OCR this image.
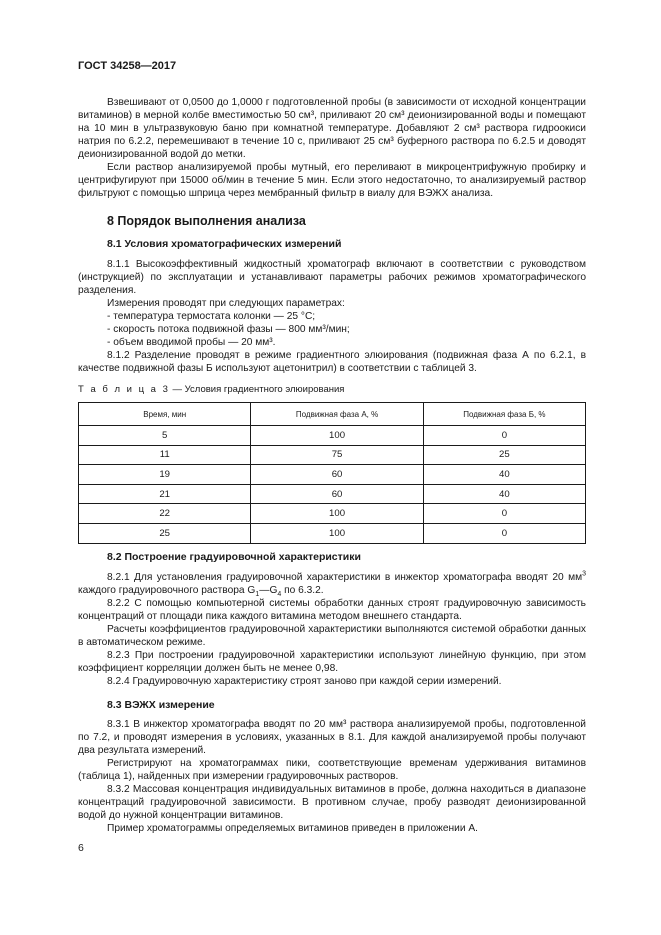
ГОСТ 34258—2017

Взвешивают от 0,0500 до 1,0000 г подготовленной пробы (в зависимости от исходной концентрации витаминов) в мерной колбе вместимостью 50 см³, приливают 20 см³ деионизированной воды и помещают на 10 мин в ультразвуковую баню при комнатной температуре. Добавляют 2 см³ раствора гидроокиси натрия по 6.2.2, перемешивают в течение 10 с, приливают 25 см³ буферного раствора по 6.2.5 и доводят деионизированной водой до метки.

Если раствор анализируемой пробы мутный, его переливают в микроцентрифужную пробирку и центрифугируют при 15000 об/мин в течение 5 мин. Если этого недостаточно, то анализируемый раствор фильтруют с помощью шприца через мембранный фильтр в виалу для ВЭЖХ анализа.

8 Порядок выполнения анализа
8.1 Условия хроматографических измерений

8.1.1 Высокоэффективный жидкостный хроматограф включают в соответствии с руководством (инструкцией) по эксплуатации и устанавливают параметры рабочих режимов хроматографического разделения.

Измерения проводят при следующих параметрах:

- температура термостата колонки — 25 °С;

- скорость потока подвижной фазы — 800 мм³/мин;

- объем вводимой пробы — 20 мм³.

8.1.2 Разделение проводят в режиме градиентного элюирования (подвижная фаза А по 6.2.1, в качестве подвижной фазы Б используют ацетонитрил) в соответствии с таблицей 3.

Т а б л и ц а 3 — Условия градиентного элюирования
Время, мин	Подвижная фаза А, %	Подвижная фаза Б, %
5	100	0
11	75	25
19	60	40
21	60	40
22	100	0
25	100	0
8.2 Построение градуировочной характеристики

8.2.1 Для установления градуировочной характеристики в инжектор хроматографа вводят 20 $мм^3$ каждого градуировочного раствора $G_1—G_4$ по 6.3.2.

8.2.2 С помощью компьютерной системы обработки данных строят градуировочную зависимость концентраций от площади пика каждого витамина методом внешнего стандарта.

Расчеты коэффициентов градуировочной характеристики выполняются системой обработки данных в автоматическом режиме.

8.2.3 При построении градуировочной характеристики используют линейную функцию, при этом коэффициент корреляции должен быть не менее 0,98.

8.2.4 Градуировочную характеристику строят заново при каждой серии измерений.

8.3 ВЭЖХ измерение

8.3.1 В инжектор хроматографа вводят по 20 мм³ раствора анализируемой пробы, подготовленной по 7.2, и проводят измерения в условиях, указанных в 8.1. Для каждой анализируемой пробы получают два результата измерений.

Регистрируют на хроматограммах пики, соответствующие временам удерживания витаминов (таблица 1), найденных при измерении градуировочных растворов.

8.3.2 Массовая концентрация индивидуальных витаминов в пробе, должна находиться в диапазоне концентраций градуировочной зависимости. В противном случае, пробу разводят деионизированной водой до нужной концентрации витаминов.

Пример хроматограммы определяемых витаминов приведен в приложении А.

6
